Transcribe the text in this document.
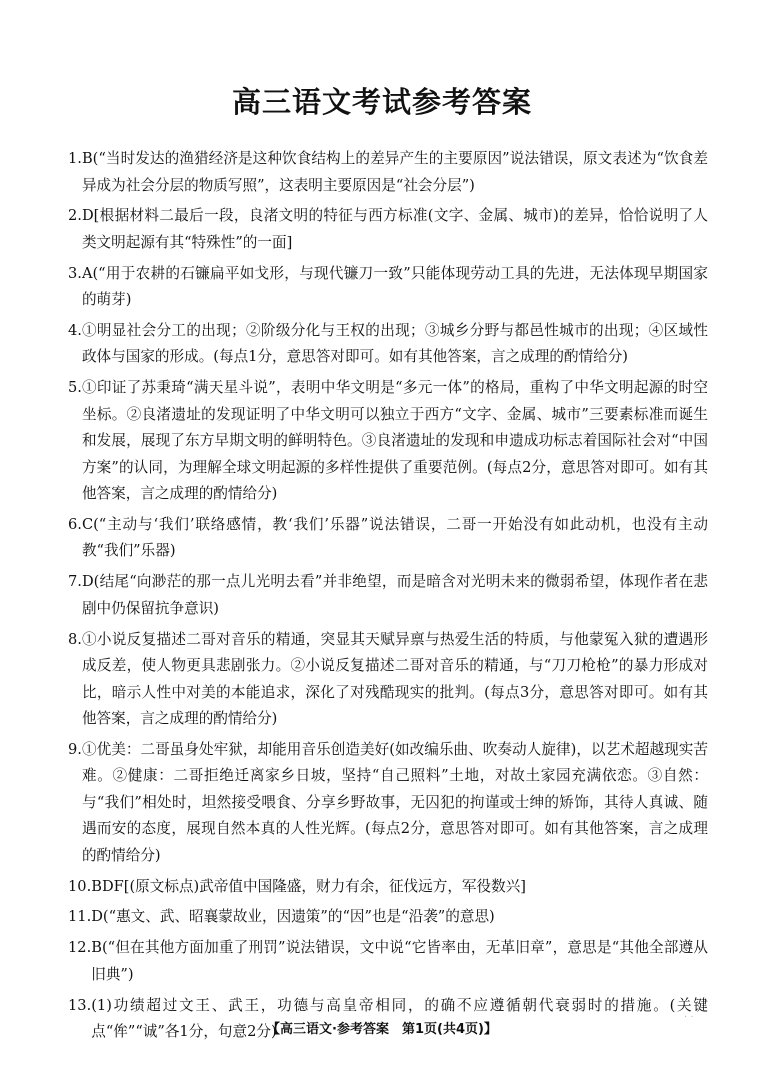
高三语文考试参考答案
1. B(“当时发达的渔猎经济是这种饮食结构上的差异产生的主要原因”说法错误，原文表述为“饮食差异成为社会分层的物质写照”，这表明主要原因是“社会分层”)
2. D[根据材料二最后一段，良渚文明的特征与西方标准(文字、金属、城市)的差异，恰恰说明了人类文明起源有其“特殊性”的一面]
3. A(“用于农耕的石镰扁平如戈形，与现代镰刀一致”只能体现劳动工具的先进，无法体现早期国家的萌芽)
4. ①明显社会分工的出现；②阶级分化与王权的出现；③城乡分野与都邑性城市的出现；④区域性政体与国家的形成。(每点1分，意思答对即可。如有其他答案，言之成理的酌情给分)
5. ①印证了苏秉琦“满天星斗说”，表明中华文明是“多元一体”的格局，重构了中华文明起源的时空坐标。②良渚遗址的发现证明了中华文明可以独立于西方“文字、金属、城市”三要素标准而诞生和发展，展现了东方早期文明的鲜明特色。③良渚遗址的发现和申遗成功标志着国际社会对“中国方案”的认同，为理解全球文明起源的多样性提供了重要范例。(每点2分，意思答对即可。如有其他答案，言之成理的酌情给分)
6. C(“主动与‘我们’联络感情，教‘我们’乐器”说法错误，二哥一开始没有如此动机，也没有主动教“我们”乐器)
7. D(结尾“向渺茫的那一点儿光明去看”并非绝望，而是暗含对光明未来的微弱希望，体现作者在悲剧中仍保留抗争意识)
8. ①小说反复描述二哥对音乐的精通，突显其天赋异禀与热爱生活的特质，与他蒙冤入狱的遭遇形成反差，使人物更具悲剧张力。②小说反复描述二哥对音乐的精通，与“刀刀枪枪”的暴力形成对比，暗示人性中对美的本能追求，深化了对残酷现实的批判。(每点3分，意思答对即可。如有其他答案，言之成理的酌情给分)
9. ①优美：二哥虽身处牢狱，却能用音乐创造美好(如改编乐曲、吹奏动人旋律)，以艺术超越现实苦难。②健康：二哥拒绝迁离家乡日坡，坚持“自己照料”土地，对故土家园充满依恋。③自然：与“我们”相处时，坦然接受喂食、分享乡野故事，无囚犯的拘谨或士绅的矫饰，其待人真诚、随遇而安的态度，展现自然本真的人性光辉。(每点2分，意思答对即可。如有其他答案，言之成理的酌情给分)
10. BDF[(原文标点)武帝值中国隆盛，财力有余，征伐远方，军役数兴]
11. D(“惠文、武、昭襄蒙故业，因遗策”的“因”也是“沿袭”的意思)
12. B(“但在其他方面加重了刑罚”说法错误，文中说“它皆率由，无革旧章”，意思是“其他全部遵从旧典”)
13. (1)功绩超过文王、武王，功德与高皇帝相同，的确不应遵循朝代衰弱时的措施。(关键点“侔”“诚”各1分，句意2分)
【高三语文·参考答案　第1页(共4页)】
· ·
